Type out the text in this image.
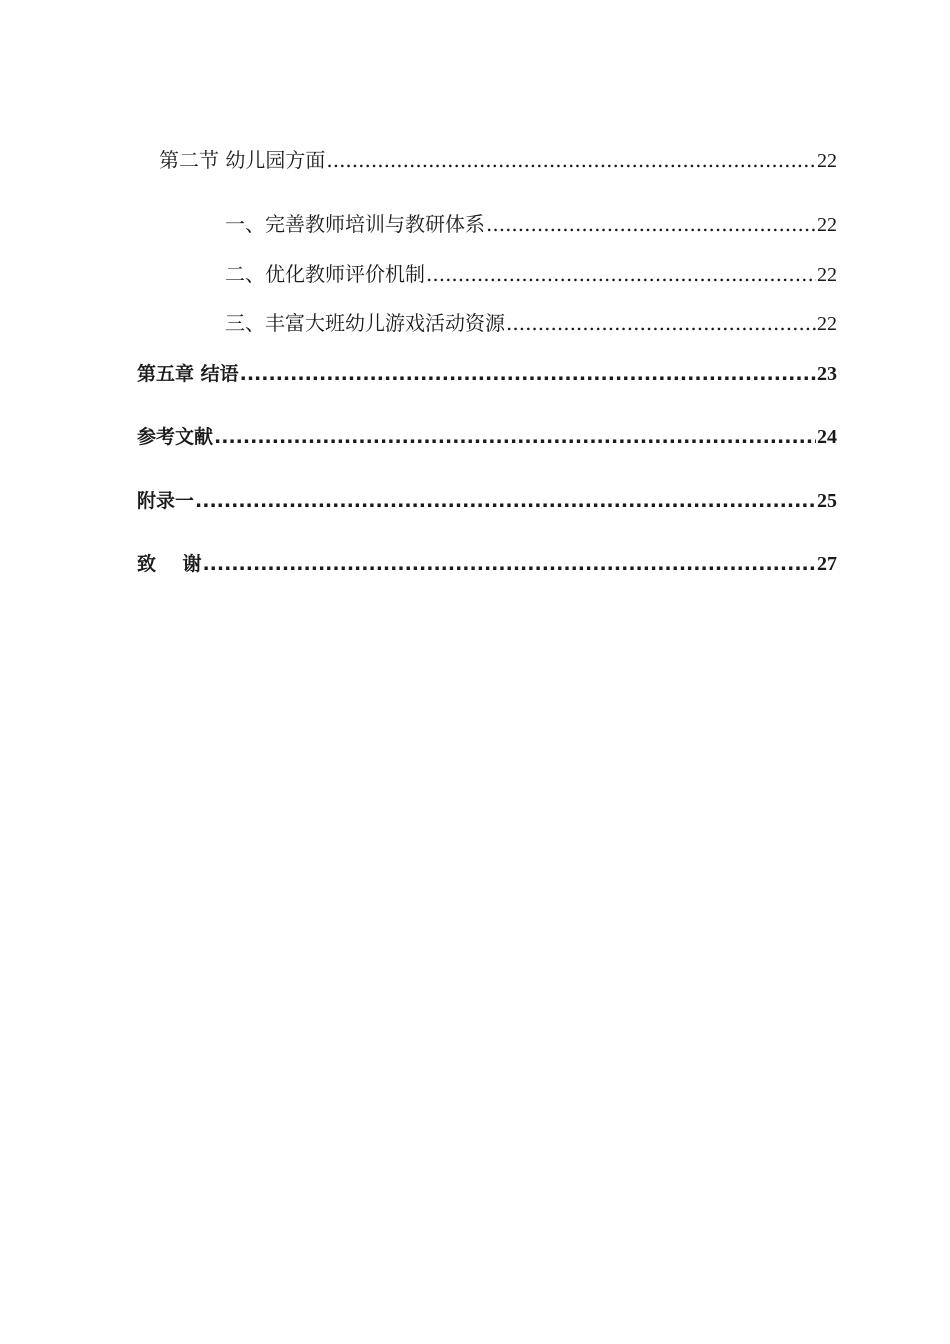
第二节 幼儿园方面 .....	22
一、完善教师培训与教研体系 .....	22
二、优化教师评价机制 .....	22
三、丰富大班幼儿游戏活动资源 .....	22
第五章 结语 .....	23
参考文献 .....	24
附录一 .....	25
致    谢 .....	27
